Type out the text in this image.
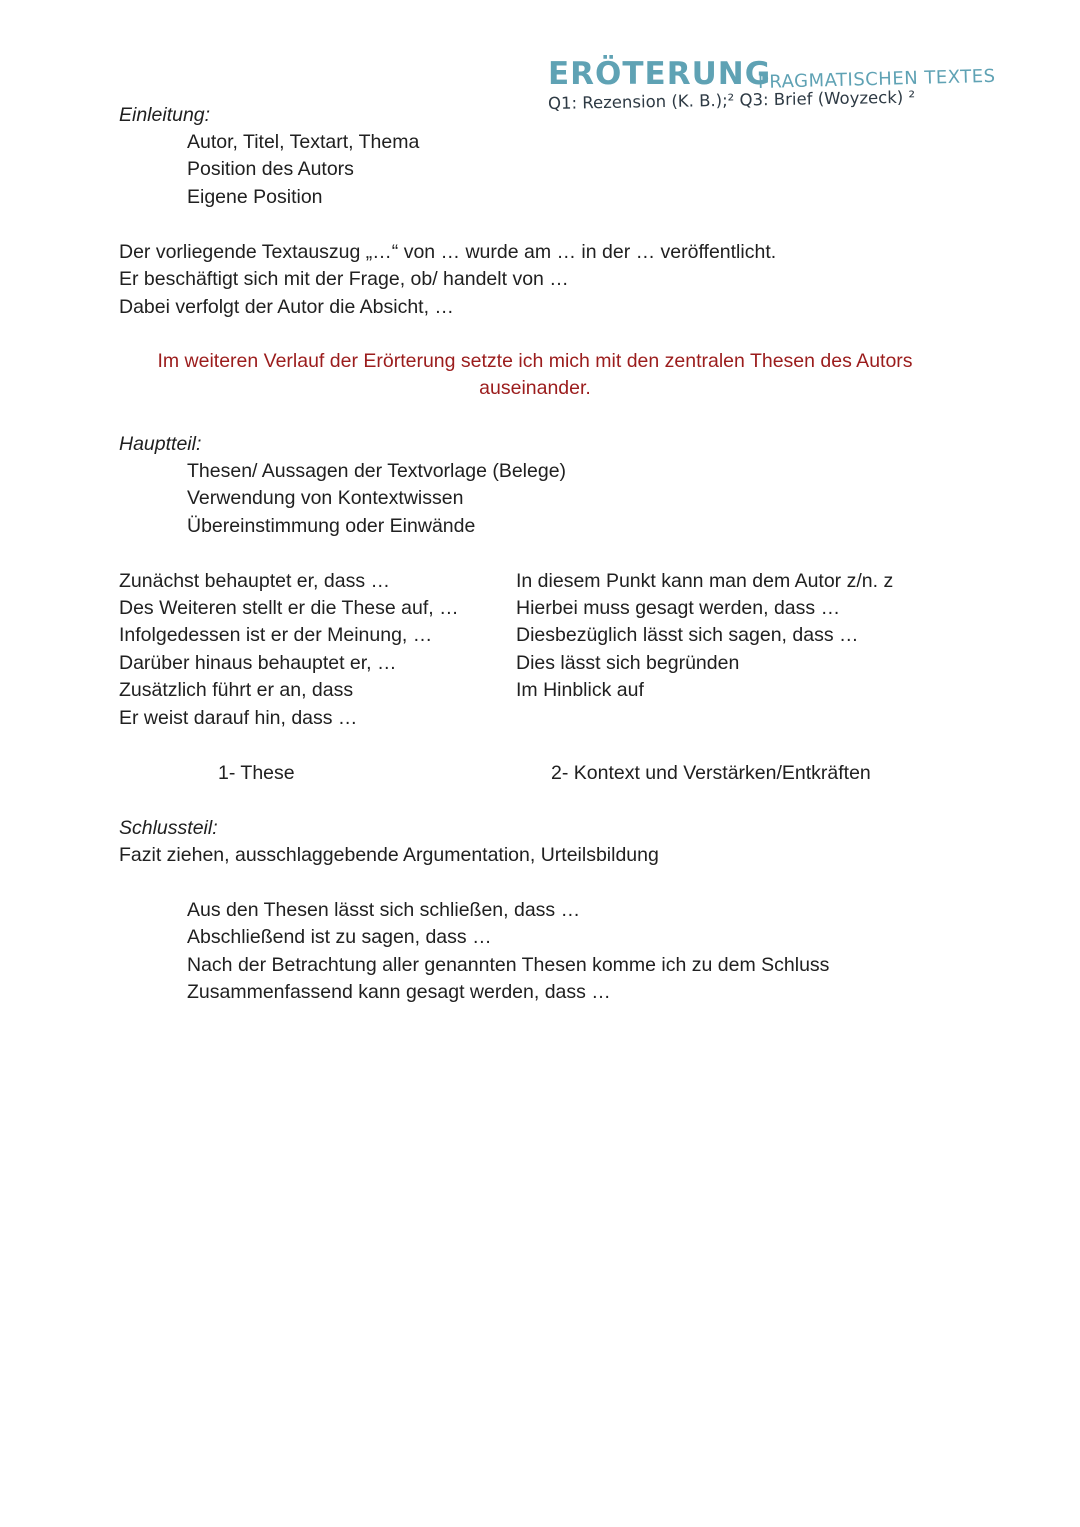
ERÖTERUNG
PRAGMATISCHEN TEXTES
Q1: Rezension (K. B.);² Q3: Brief (Woyzeck) ²

Einleitung:

Autor, Titel, Textart, Thema

Position des Autors

Eigene Position

Der vorliegende Textauszug „…“ von … wurde am … in der … veröffentlicht.

Er beschäftigt sich mit der Frage, ob/ handelt von …

Dabei verfolgt der Autor die Absicht, …

Im weiteren Verlauf der Erörterung setzte ich mich mit den zentralen Thesen des Autors
auseinander.

Hauptteil:

Thesen/ Aussagen der Textvorlage (Belege)

Verwendung von Kontextwissen

Übereinstimmung oder Einwände

Zunächst behauptet er, dass …

Des Weiteren stellt er die These auf, …

Infolgedessen ist er der Meinung, …

Darüber hinaus behauptet er, …

Zusätzlich führt er an, dass

Er weist darauf hin, dass …

In diesem Punkt kann man dem Autor z/n. z

Hierbei muss gesagt werden, dass …

Diesbezüglich lässt sich sagen, dass …

Dies lässt sich begründen

Im Hinblick auf

1- These	2- Kontext und Verstärken/Entkräften

Schlussteil:

Fazit ziehen, ausschlaggebende Argumentation, Urteilsbildung

Aus den Thesen lässt sich schließen, dass …

Abschließend ist zu sagen, dass …

Nach der Betrachtung aller genannten Thesen komme ich zu dem Schluss

Zusammenfassend kann gesagt werden, dass …
